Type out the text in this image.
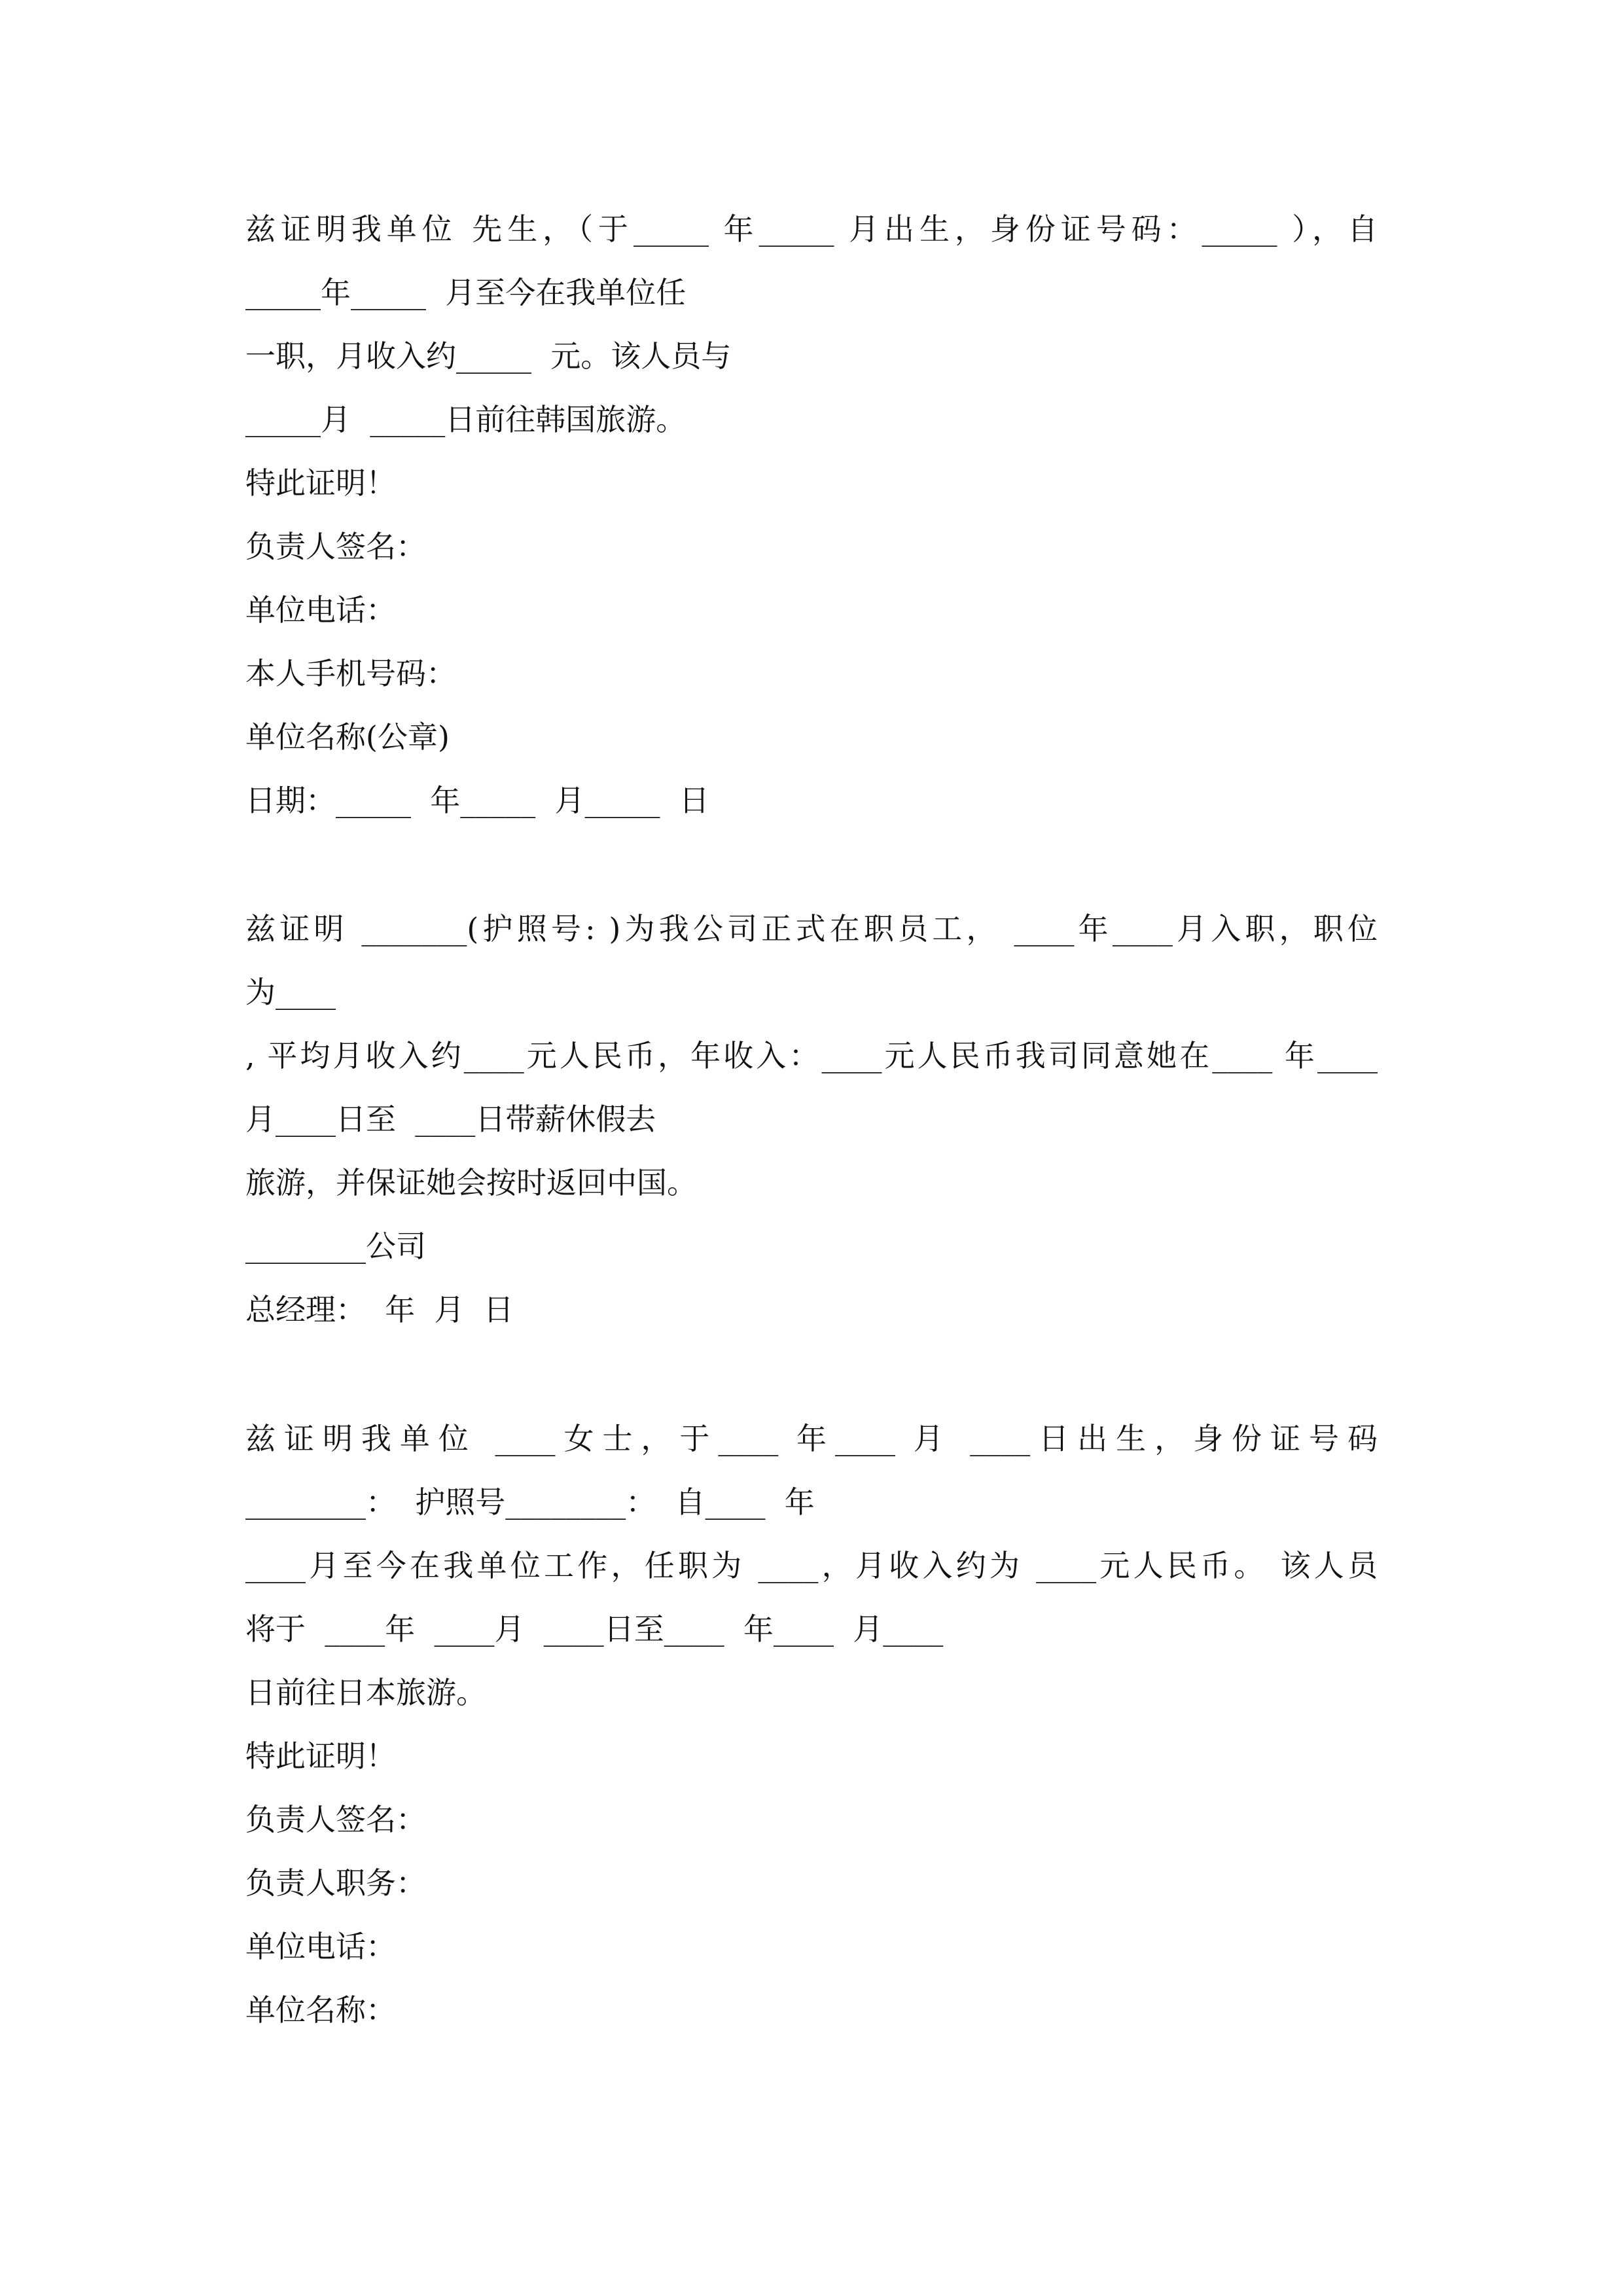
兹证明我单位 先生，（于_____ 年_____ 月出生，身份证号码：_____ ），自

_____年_____  月至今在我单位任

一职，月收入约_____  元。该人员与

_____月  _____日前往韩国旅游。

特此证明！

负责人签名：

单位电话：

本人手机号码：

单位名称(公章)

日期：_____  年_____  月_____  日

兹证明 _______(护照号: )为我公司正式在职员工， ____年____月入职，职位

为____

, 平均月收入约____元人民币，年收入：____元人民币我司同意她在____ 年____

月____日至  ____日带薪休假去

旅游，并保证她会按时返回中国。

________公司

总经理：  年  月  日

兹证明我单位 ____女士，于____ 年____ 月 ____日出生，身份证号码

________：  护照号________：  自____  年

____月至今在我单位工作，任职为 ____，月收入约为 ____元人民币。 该人员

将于  ____年  ____月  ____日至____  年____  月____

日前往日本旅游。

特此证明！

负责人签名：

负责人职务：

单位电话：

单位名称：
